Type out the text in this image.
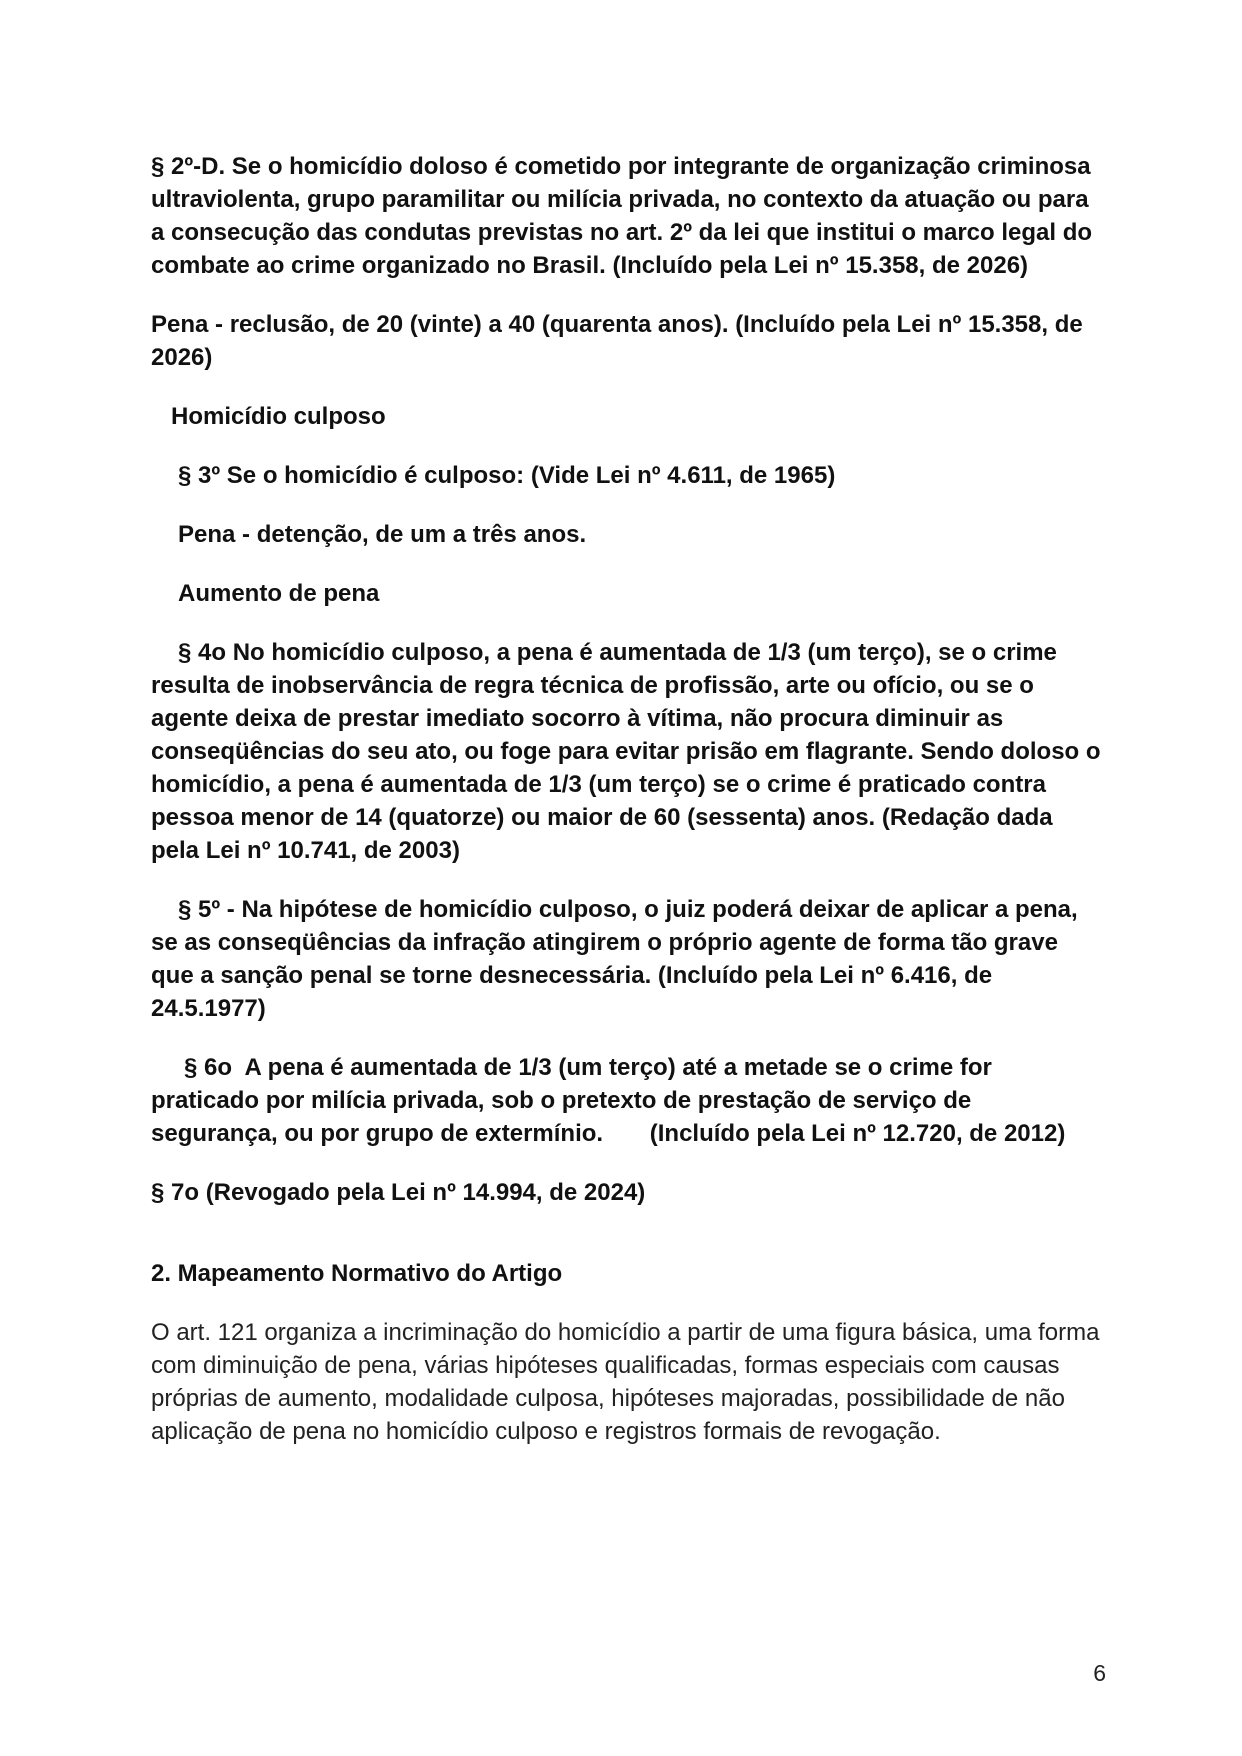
§ 2º-D. Se o homicídio doloso é cometido por integrante de organização criminosa ultraviolenta, grupo paramilitar ou milícia privada, no contexto da atuação ou para a consecução das condutas previstas no art. 2º da lei que institui o marco legal do combate ao crime organizado no Brasil. (Incluído pela Lei nº 15.358, de 2026)

Pena - reclusão, de 20 (vinte) a 40 (quarenta anos). (Incluído pela Lei nº 15.358, de 2026)

Homicídio culposo

§ 3º Se o homicídio é culposo: (Vide Lei nº 4.611, de 1965)

Pena - detenção, de um a três anos.

Aumento de pena

§ 4o No homicídio culposo, a pena é aumentada de 1/3 (um terço), se o crime resulta de inobservância de regra técnica de profissão, arte ou ofício, ou se o agente deixa de prestar imediato socorro à vítima, não procura diminuir as conseqüências do seu ato, ou foge para evitar prisão em flagrante. Sendo doloso o homicídio, a pena é aumentada de 1/3 (um terço) se o crime é praticado contra pessoa menor de 14 (quatorze) ou maior de 60 (sessenta) anos. (Redação dada pela Lei nº 10.741, de 2003)

§ 5º - Na hipótese de homicídio culposo, o juiz poderá deixar de aplicar a pena, se as conseqüências da infração atingirem o próprio agente de forma tão grave que a sanção penal se torne desnecessária. (Incluído pela Lei nº 6.416, de 24.5.1977)

§ 6o  A pena é aumentada de 1/3 (um terço) até a metade se o crime for praticado por milícia privada, sob o pretexto de prestação de serviço de segurança, ou por grupo de extermínio.       (Incluído pela Lei nº 12.720, de 2012)

§ 7o (Revogado pela Lei nº 14.994, de 2024)

2. Mapeamento Normativo do Artigo

O art. 121 organiza a incriminação do homicídio a partir de uma figura básica, uma forma com diminuição de pena, várias hipóteses qualificadas, formas especiais com causas próprias de aumento, modalidade culposa, hipóteses majoradas, possibilidade de não aplicação de pena no homicídio culposo e registros formais de revogação.

6
